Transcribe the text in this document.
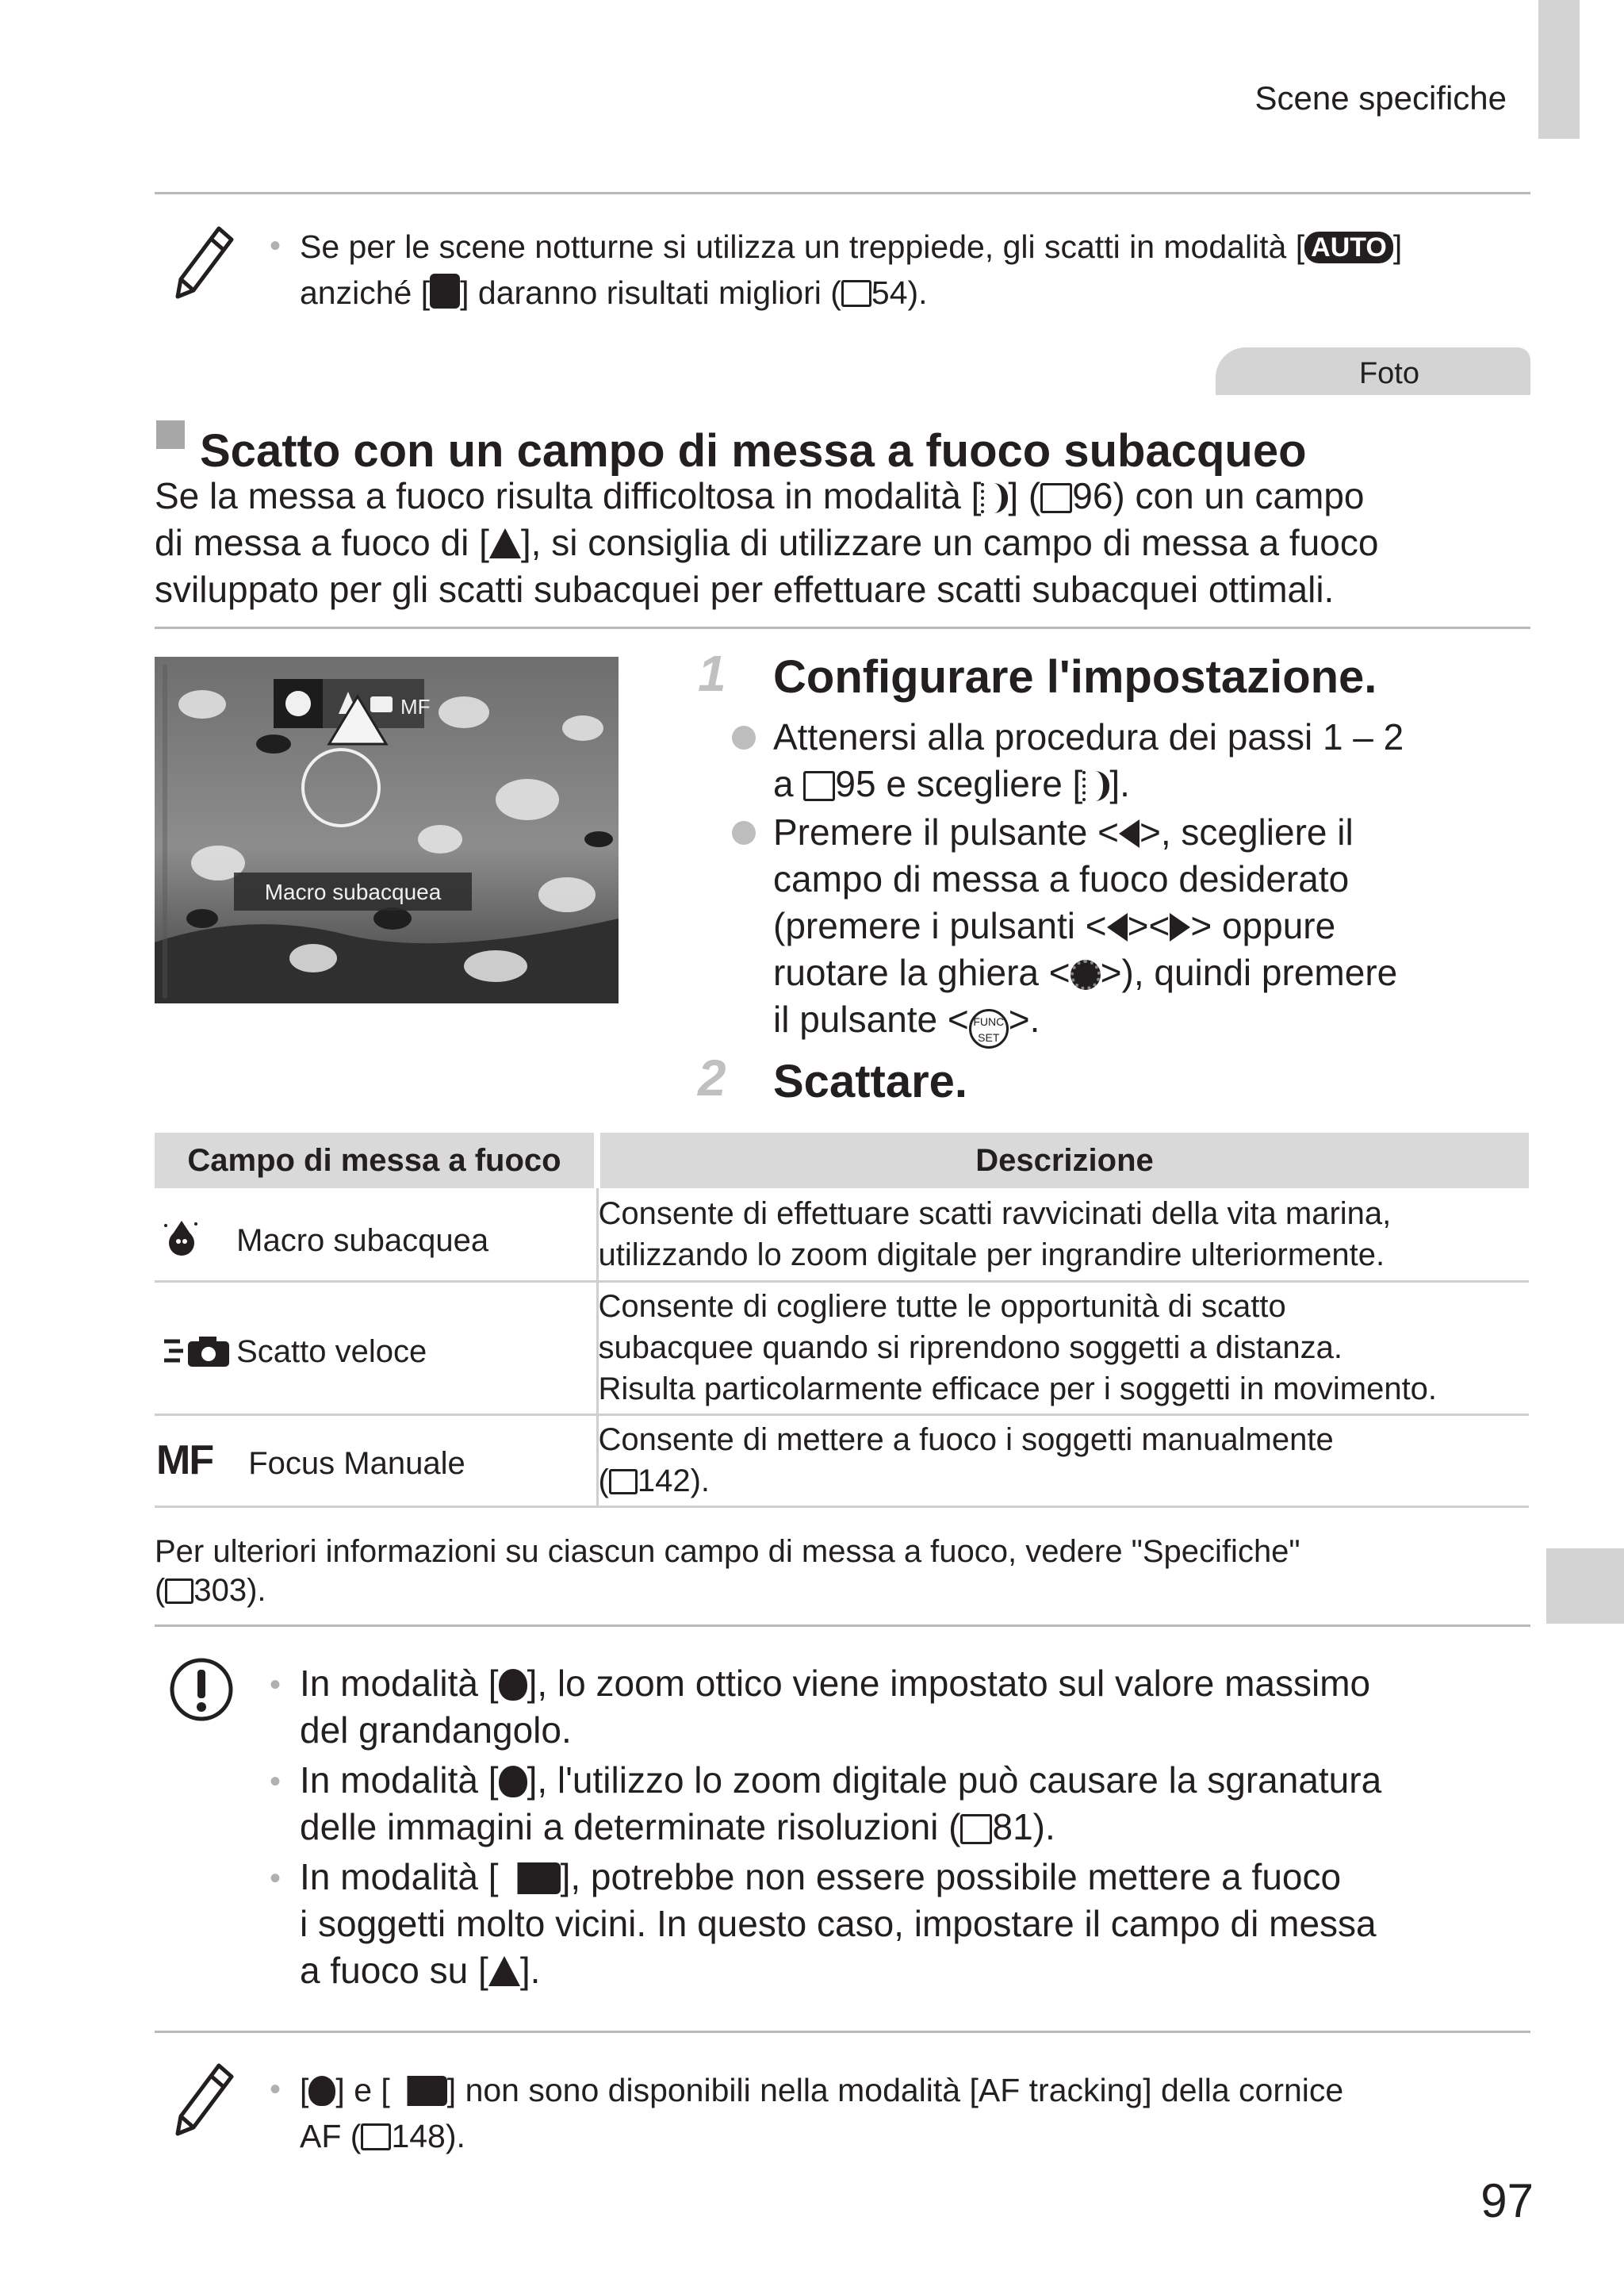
Scene specifiche
• Se per le scene notturne si utilizza un treppiede, gli scatti in modalità [ AUTO ]
anziché [ ] daranno risultati migliori ( 54).
Foto
Scatto con un campo di messa a fuoco subacqueo
Se la messa a fuoco risulta difficoltosa in modalità [ ] ( 96) con un campo
di messa a fuoco di [ ], si consiglia di utilizzare un campo di messa a fuoco
sviluppato per gli scatti subacquei per effettuare scatti subacquei ottimali.
MF
Macro subacquea
1 Configurare l'impostazione.
Attenersi alla procedura dei passi 1 – 2
a 95 e scegliere [ ].
Premere il pulsante < >, scegliere il
campo di messa a fuoco desiderato
(premere i pulsanti < >< > oppure
ruotare la ghiera < >), quindi premere
il pulsante < FUNC
SET >.
2 Scattare.
Campo di messa a fuoco	Descrizione
Macro subacquea	Consente di effettuare scatti ravvicinati della vita marina,
utilizzando lo zoom digitale per ingrandire ulteriormente.

Scatto veloce	Consente di cogliere tutte le opportunità di scatto
subacquee quando si riprendono soggetti a distanza.
Risulta particolarmente efficace per i soggetti in movimento.

MF Focus Manuale	Consente di mettere a fuoco i soggetti manualmente
( 142).
Per ulteriori informazioni su ciascun campo di messa a fuoco, vedere "Specifiche"
( 303).
• In modalità [ ], lo zoom ottico viene impostato sul valore massimo
del grandangolo.
• In modalità [ ], l'utilizzo lo zoom digitale può causare la sgranatura
delle immagini a determinate risoluzioni ( 81).
• In modalità [ ], potrebbe non essere possibile mettere a fuoco
i soggetti molto vicini. In questo caso, impostare il campo di messa
a fuoco su [ ].
• [ ] e [ ] non sono disponibili nella modalità [AF tracking] della cornice
AF ( 148).
97
